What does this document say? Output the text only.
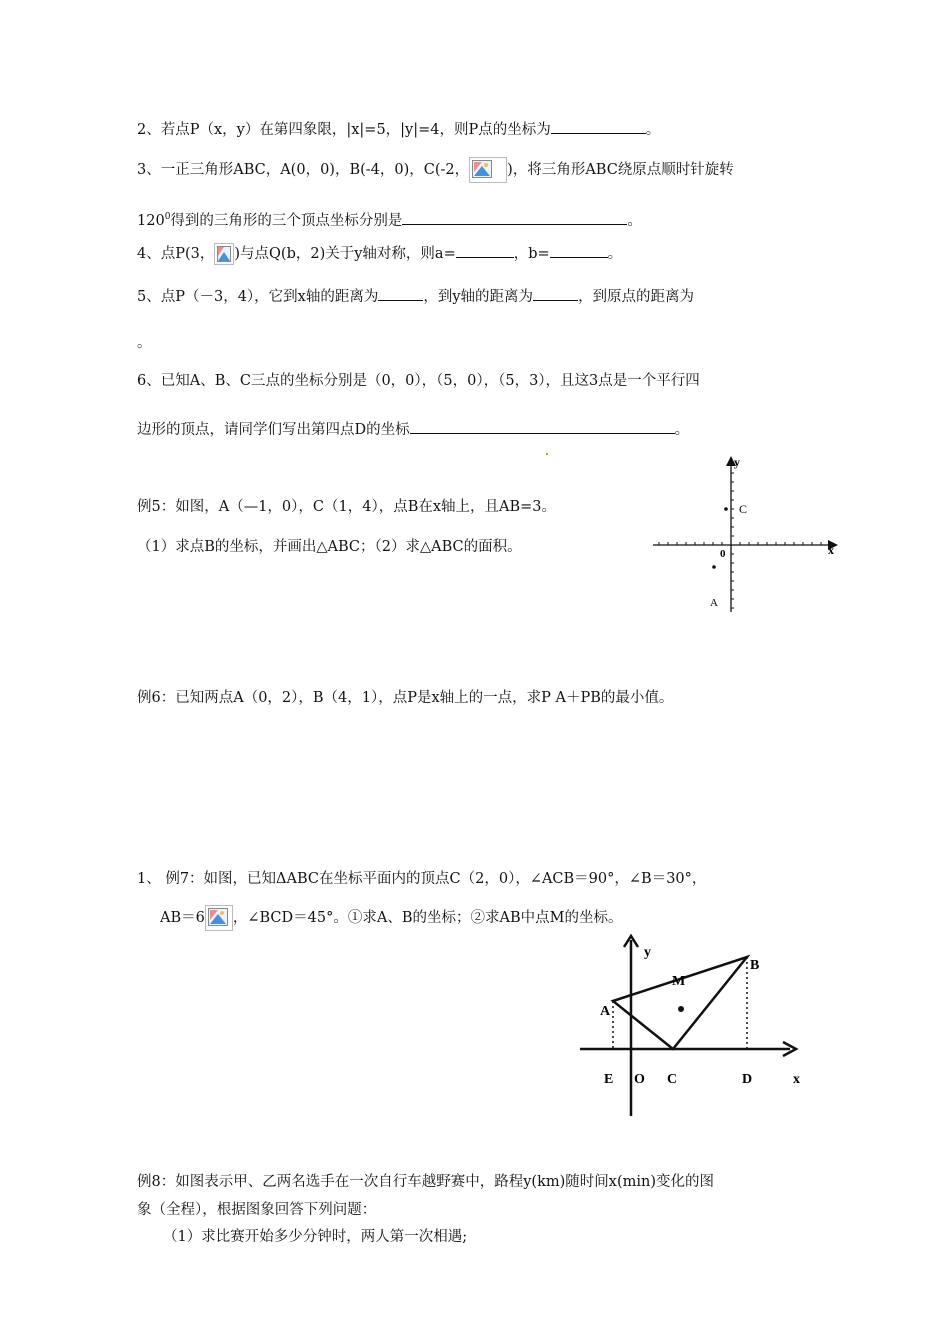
2、若点P（x，y）在第四象限，|x|=5，|y|=4，则P点的坐标为	。
3、一正三角形ABC，A(0，0)，B(-4，0)，C(-2，	)，将三角形ABC绕原点顺时针旋转
$120^0$得到的三角形的三个顶点坐标分别是	。
4、点P(3， )与点Q(b，2)关于y轴对称，则a=	，b=	。
5、点P（－3，4），它到x轴的距离为	，到y轴的距离为	，到原点的距离为
。
6、已知A、B、C三点的坐标分别是（0，0），（5，0），（5，3），且这3点是一个平行四
边形的顶点，请同学们写出第四点D的坐标	。
例5：如图，A（—1，0），C（1，4），点B在x轴上，且AB=3。
（1）求点B的坐标，并画出△ABC；（2）求△ABC的面积。
y
x
0
C
A
例6：已知两点A（0，2），B（4，1），点P是x轴上的一点，求P A＋PB的最小值。
1、 例7：如图，已知ΔABC在坐标平面内的顶点C（2，0），∠ACB＝90°，∠B＝30°，
AB＝6 ，∠BCD＝45°。①求A、B的坐标；②求AB中点M的坐标。
y
M
A
B
E O C	D	x
例8：如图表示甲、乙两名选手在一次自行车越野赛中，路程y(km)随时间x(min)变化的图
象（全程），根据图象回答下列问题：
（1）求比赛开始多少分钟时，两人第一次相遇;
